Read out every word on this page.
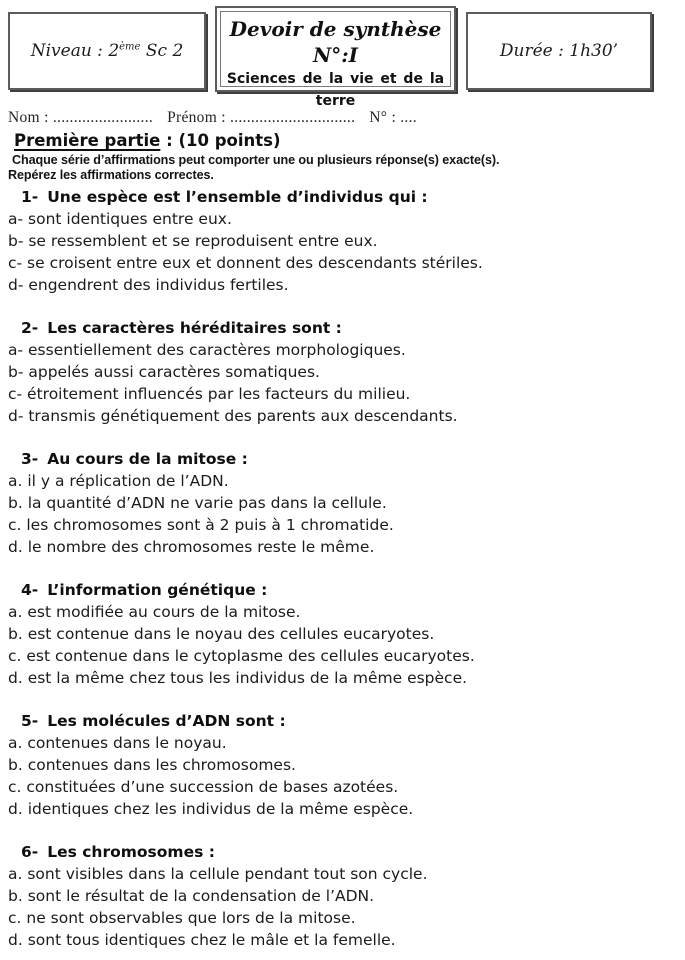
Niveau : 2ème Sc 2
Devoir de synthèse N°:I
Sciences de la vie et de la terre
Durée : 1h30’
Nom : ........................ Prénom : .............................. N° : ....
Première partie : (10 points)
Chaque série d’affirmations peut comporter une ou plusieurs réponse(s) exacte(s).
Repérez les affirmations correctes.
1- Une espèce est l’ensemble d’individus qui :
a- sont identiques entre eux.
b- se ressemblent et se reproduisent entre eux.
c- se croisent entre eux et donnent des descendants stériles.
d- engendrent des individus fertiles.
2- Les caractères héréditaires sont :
a- essentiellement des caractères morphologiques.
b- appelés aussi caractères somatiques.
c- étroitement influencés par les facteurs du milieu.
d- transmis génétiquement des parents aux descendants.
3- Au cours de la mitose :
a. il y a réplication de l’ADN.
b. la quantité d’ADN ne varie pas dans la cellule.
c. les chromosomes sont à 2 puis à 1 chromatide.
d. le nombre des chromosomes reste le même.
4- L’information génétique :
a. est modifiée au cours de la mitose.
b. est contenue dans le noyau des cellules eucaryotes.
c. est contenue dans le cytoplasme des cellules eucaryotes.
d. est la même chez tous les individus de la même espèce.
5- Les molécules d’ADN sont :
a. contenues dans le noyau.
b. contenues dans les chromosomes.
c. constituées d’une succession de bases azotées.
d. identiques chez les individus de la même espèce.
6- Les chromosomes :
a. sont visibles dans la cellule pendant tout son cycle.
b. sont le résultat de la condensation de l’ADN.
c. ne sont observables que lors de la mitose.
d. sont tous identiques chez le mâle et la femelle.
